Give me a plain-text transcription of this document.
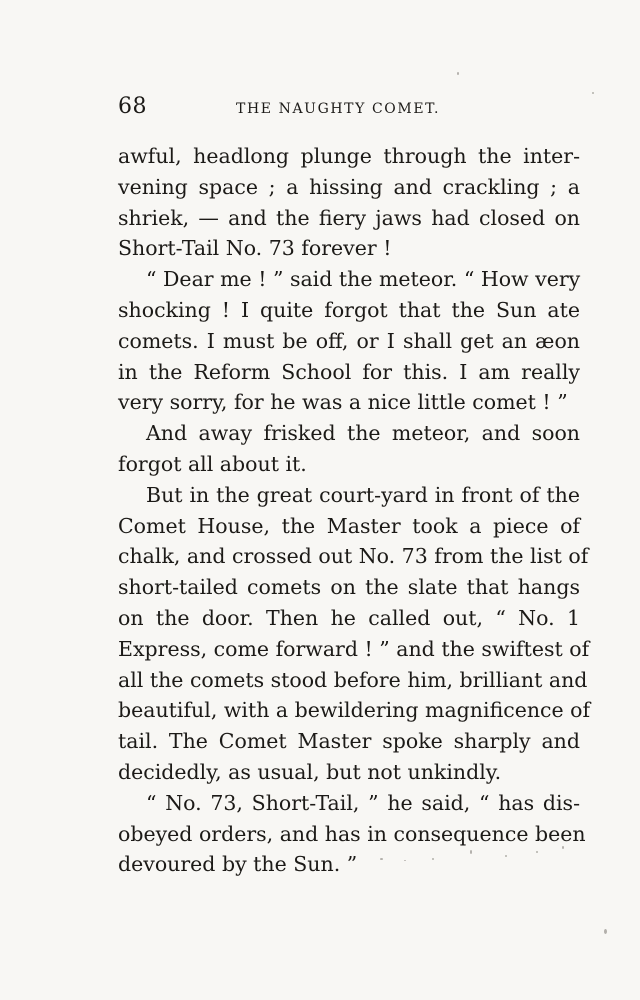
68	THE NAUGHTY COMET.

awful, headlong plunge through the inter-
vening space ; a hissing and crackling ; a
shriek, — and the fiery jaws had closed on
Short-Tail No. 73 forever !

“ Dear me ! ” said the meteor. “ How very
shocking ! I quite forgot that the Sun ate
comets. I must be off, or I shall get an æon
in the Reform School for this. I am really
very sorry, for he was a nice little comet ! ”

And away frisked the meteor, and soon
forgot all about it.

But in the great court-yard in front of the
Comet House, the Master took a piece of
chalk, and crossed out No. 73 from the list of
short-tailed comets on the slate that hangs
on the door. Then he called out, “ No. 1
Express, come forward ! ” and the swiftest of
all the comets stood before him, brilliant and
beautiful, with a bewildering magnificence of
tail. The Comet Master spoke sharply and
decidedly, as usual, but not unkindly.

“ No. 73, Short-Tail, ” he said, “ has dis-
obeyed orders, and has in consequence been
devoured by the Sun. ”
